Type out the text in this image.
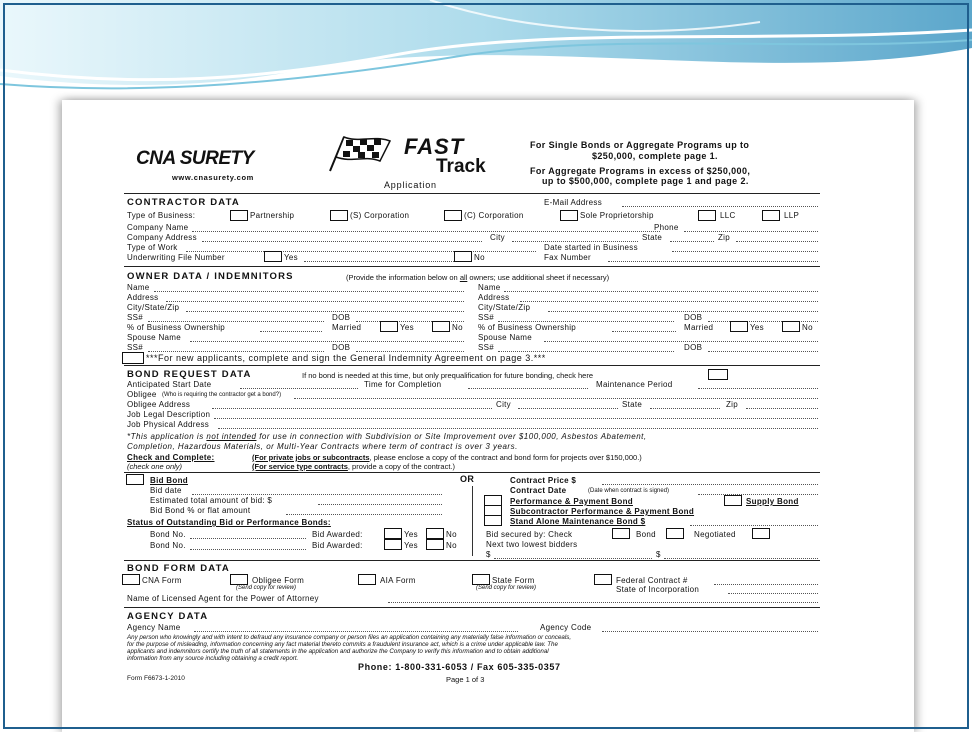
CNA SURETY
www.cnasurety.com
FAST
Track
Application
For Single Bonds or Aggregate Programs up to
$250,000, complete page 1.
For Aggregate Programs in excess of $250,000,
up to $500,000, complete page 1 and page 2.
CONTRACTOR DATA	E-Mail Address
Type of Business:	Partnership	(S) Corporation	(C) Corporation	Sole Proprietorship	LLC	LLP
Company Name	Phone
Company Address	City	State	Zip
Type of Work	Date started in Business
Underwriting File Number	Yes	No	Fax Number
OWNER DATA / INDEMNITORS	(Provide the information below on all owners; use additional sheet if necessary)
Name	Name
Address	Address
City/State/Zip	City/State/Zip
SS#	DOB	SS#	DOB
% of Business Ownership	Married	Yes	No % of Business Ownership	Married	Yes	No
Spouse Name	Spouse Name
SS#	DOB	SS#	DOB
***For new applicants, complete and sign the General Indemnity Agreement on page 3.***
BOND REQUEST DATA	If no bond is needed at this time, but only prequalification for future bonding, check here
Anticipated Start Date	Time for Completion	Maintenance Period
Obligee (Who is requiring the contractor get a bond?)
Obligee Address	City	State	Zip
Job Legal Description
Job Physical Address
*This application is not intended for use in connection with Subdivision or Site Improvement over $100,000, Asbestos Abatement,
Completion, Hazardous Materials, or Multi-Year Contracts where term of contract is over 3 years.
Check and Complete:
(check one only)
(For private jobs or subcontracts, please enclose a copy of the contract and bond form for projects over $150,000.)
(For service type contracts, provide a copy of the contract.)
Bid Bond
Bid date
Estimated total amount of bid: $
Bid Bond % or flat amount
Status of Outstanding Bid or Performance Bonds:
Bond No.	Bid Awarded:	Yes	No
Bond No.	Bid Awarded:	Yes	No
OR	Contract Price $
Contract Date	(Date when contract is signed)
Performance & Payment Bond	Supply Bond
Subcontractor Performance & Payment Bond
Stand Alone Maintenance Bond $
Bid secured by: Check	Bond	Negotiated
Next two lowest bidders
$	$
BOND FORM DATA
CNA Form	Obligee Form
(Send copy for review)
AIA Form	State Form
(Send copy for review)
Federal Contract #
State of Incorporation
Name of Licensed Agent for the Power of Attorney
AGENCY DATA
Agency Name	Agency Code
Any person who knowingly and with intent to defraud any insurance company or person files an application containing any materially false information or conceals,
for the purpose of misleading, information concerning any fact material thereto commits a fraudulent insurance act, which is a crime under applicable law. The
applicants and indemnitors certify the truth of all statements in the application and authorize the Company to verify this information and to obtain additional
information from any source including obtaining a credit report.
Phone: 1-800-331-6053 / Fax 605-335-0357
Form F6673-1-2010	Page 1 of 3
